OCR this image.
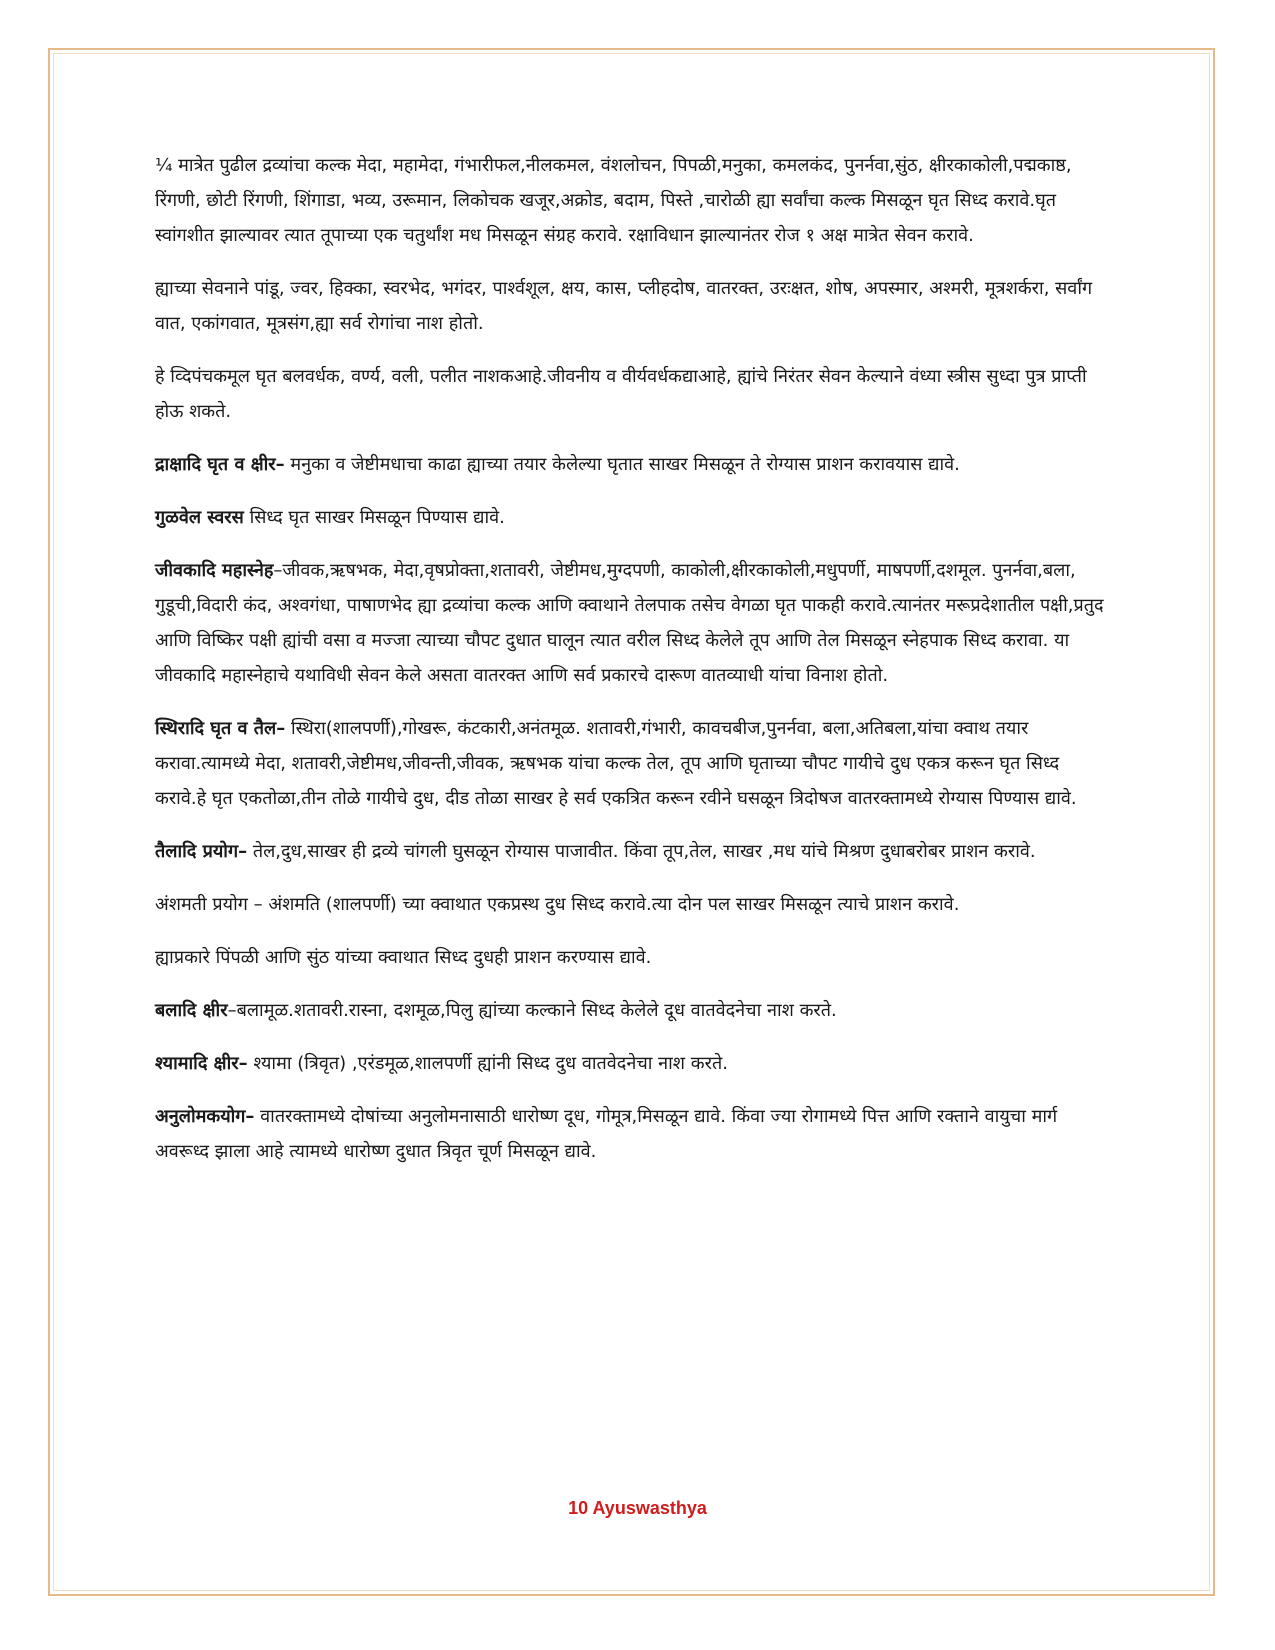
¼ मात्रेत पुढील द्रव्यांचा कल्क मेदा, महामेदा, गंभारीफल,नीलकमल, वंशलोचन, पिपळी,मनुका, कमलकंद, पुनर्नवा,सुंठ, क्षीरकाकोली,पद्मकाष्ठ, रिंगणी, छोटी रिंगणी, शिंगाडा, भव्य, उरूमान, लिकोचक खजूर,अक्रोड, बदाम, पिस्ते ,चारोळी ह्या सर्वांचा कल्क मिसळून घृत सिध्द करावे.घृत स्वांगशीत झाल्यावर त्यात तूपाच्या एक चतुर्थांश मध मिसळून संग्रह करावे. रक्षाविधान झाल्यानंतर रोज १ अक्ष मात्रेत सेवन करावे.

ह्याच्या सेवनाने पांडू, ज्वर, हिक्का, स्वरभेद, भगंदर, पार्श्वशूल, क्षय, कास, प्लीहदोष, वातरक्त, उरःक्षत, शोष, अपस्मार, अश्मरी, मूत्रशर्करा, सर्वांग वात, एकांगवात, मूत्रसंग,ह्या सर्व रोगांचा नाश होतो.

हे व्दिपंचकमूल घृत बलवर्धक, वर्ण्य, वली, पलीत नाशकआहे.जीवनीय व वीर्यवर्धकद्याआहे, ह्यांचे निरंतर सेवन केल्याने वंध्या स्त्रीस सुध्दा पुत्र प्राप्ती होऊ शकते.

द्राक्षादि घृत व क्षीर– मनुका व जेष्टीमधाचा काढा ह्याच्या तयार केलेल्या घृतात साखर मिसळून ते रोग्यास प्राशन करावयास द्यावे.

गुळवेल स्वरस सिध्द घृत साखर मिसळून पिण्यास द्यावे.

जीवकादि महास्नेह–जीवक,ऋषभक, मेदा,वृषप्रोक्ता,शतावरी, जेष्टीमध,मुग्दपणी, काकोली,क्षीरकाकोली,मधुपर्णी, माषपर्णी,दशमूल. पुनर्नवा,बला, गुडूची,विदारी कंद, अश्वगंधा, पाषाणभेद ह्या द्रव्यांचा कल्क आणि क्वाथाने तेलपाक तसेच वेगळा घृत पाकही करावे.त्यानंतर मरूप्रदेशातील पक्षी,प्रतुद आणि विष्किर पक्षी ह्यांची वसा व मज्जा त्याच्या चौपट दुधात घालून त्यात वरील सिध्द केलेले तूप आणि तेल मिसळून स्नेहपाक सिध्द करावा. या जीवकादि महास्नेहाचे यथाविधी सेवन केले असता वातरक्त आणि सर्व प्रकारचे दारूण वातव्याधी यांचा विनाश होतो.

स्थिरादि घृत व तैल– स्थिरा(शालपर्णी),गोखरू, कंटकारी,अनंतमूळ. शतावरी,गंभारी, कावचबीज,पुनर्नवा, बला,अतिबला,यांचा क्वाथ तयार करावा.त्यामध्ये मेदा, शतावरी,जेष्टीमध,जीवन्ती,जीवक, ऋषभक यांचा कल्क तेल, तूप आणि घृताच्या चौपट गायीचे दुध एकत्र करून घृत सिध्द करावे.हे घृत एकतोळा,तीन तोळे गायीचे दुध, दीड तोळा साखर हे सर्व एकत्रित करून रवीने घसळून त्रिदोषज वातरक्तामध्ये रोग्यास पिण्यास द्यावे.

तैलादि प्रयोग– तेल,दुध,साखर ही द्रव्ये चांगली घुसळून रोग्यास पाजावीत. किंवा तूप,तेल, साखर ,मध यांचे मिश्रण दुधाबरोबर प्राशन करावे.

अंशमती प्रयोग – अंशमति (शालपर्णी) च्या क्वाथात एकप्रस्थ दुध सिध्द करावे.त्या दोन पल साखर मिसळून त्याचे प्राशन करावे.

ह्याप्रकारे पिंपळी आणि सुंठ यांच्या क्वाथात सिध्द दुधही प्राशन करण्यास द्यावे.

बलादि क्षीर–बलामूळ.शतावरी.रास्ना, दशमूळ,पिलु ह्यांच्या कल्काने सिध्द केलेले दूध वातवेदनेचा नाश करते.

श्यामादि क्षीर– श्यामा (त्रिवृत) ,एरंडमूळ,शालपर्णी ह्यांनी सिध्द दुध वातवेदनेचा नाश करते.

अनुलोमकयोग– वातरक्तामध्ये दोषांच्या अनुलोमनासाठी धारोष्ण दूध, गोमूत्र,मिसळून द्यावे. किंवा ज्या रोगामध्ये पित्त आणि रक्ताने वायुचा मार्ग अवरूध्द झाला आहे त्यामध्ये धारोष्ण दुधात त्रिवृत चूर्ण मिसळून द्यावे.

10 Ayuswasthya
